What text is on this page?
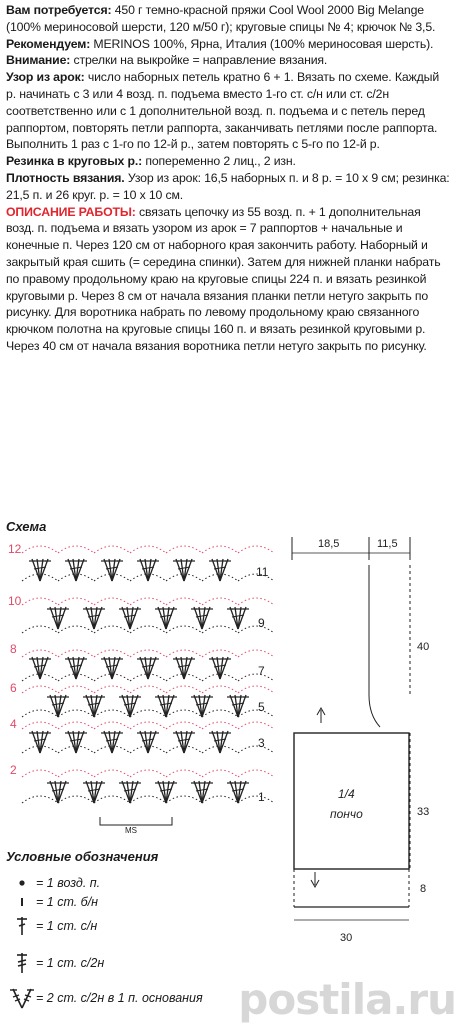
Вам потребуется: 450 г темно-красной пряжи Cool Wool 2000 Big Melange (100% мериносовой шерсти, 120 м/50 г); круговые спицы № 4; крючок № 3,5.

Рекомендуем: MERINOS 100%, Ярна, Италия (100% мериносовая шерсть).

Внимание: стрелки на выкройке = направление вязания.

Узор из арок: число наборных петель кратно 6 + 1. Вязать по схеме. Каждый р. начинать с 3 или 4 возд. п. подъема вместо 1-го ст. с/н или ст. с/2н соответственно или с 1 дополнительной возд. п. подъема и с петель перед раппортом, повторять петли раппорта, заканчивать петлями после раппорта. Выполнить 1 раз с 1-го по 12-й р., затем повторять с 5-го по 12-й р.

Резинка в круговых р.: попеременно 2 лиц., 2 изн.

Плотность вязания. Узор из арок: 16,5 наборных п. и 8 р. = 10 х 9 см; резинка: 21,5 п. и 26 круг. р. = 10 х 10 см.

ОПИСАНИЕ РАБОТЫ: связать цепочку из 55 возд. п. + 1 дополнительная возд. п. подъема и вязать узором из арок = 7 раппортов + начальные и конечные п. Через 120 см от наборного края закончить работу. Наборный и закрытый края сшить (= середина спинки). Затем для нижней планки набрать по правому продольному краю на круговые спицы 224 п. и вязать резинкой круговыми р. Через 8 см от начала вязания планки петли нетуго закрыть по рисунку. Для воротника набрать по левому продольному краю связанного крючком полотна на круговые спицы 160 п. и вязать резинкой круговыми р. Через 40 см от начала вязания воротника петли нетуго закрыть по рисунку.

Схема
12
10
8
6
4
2
11
9
7
5
3
1
MS
18,5	11,5
40
1/4
пончо	33
8
30
Условные обозначения
= 1 возд. п.
= 1 ст. б/н
= 1 ст. с/н
= 1 ст. с/2н
= 2 ст. с/2н в 1 п. основания postila.ru
